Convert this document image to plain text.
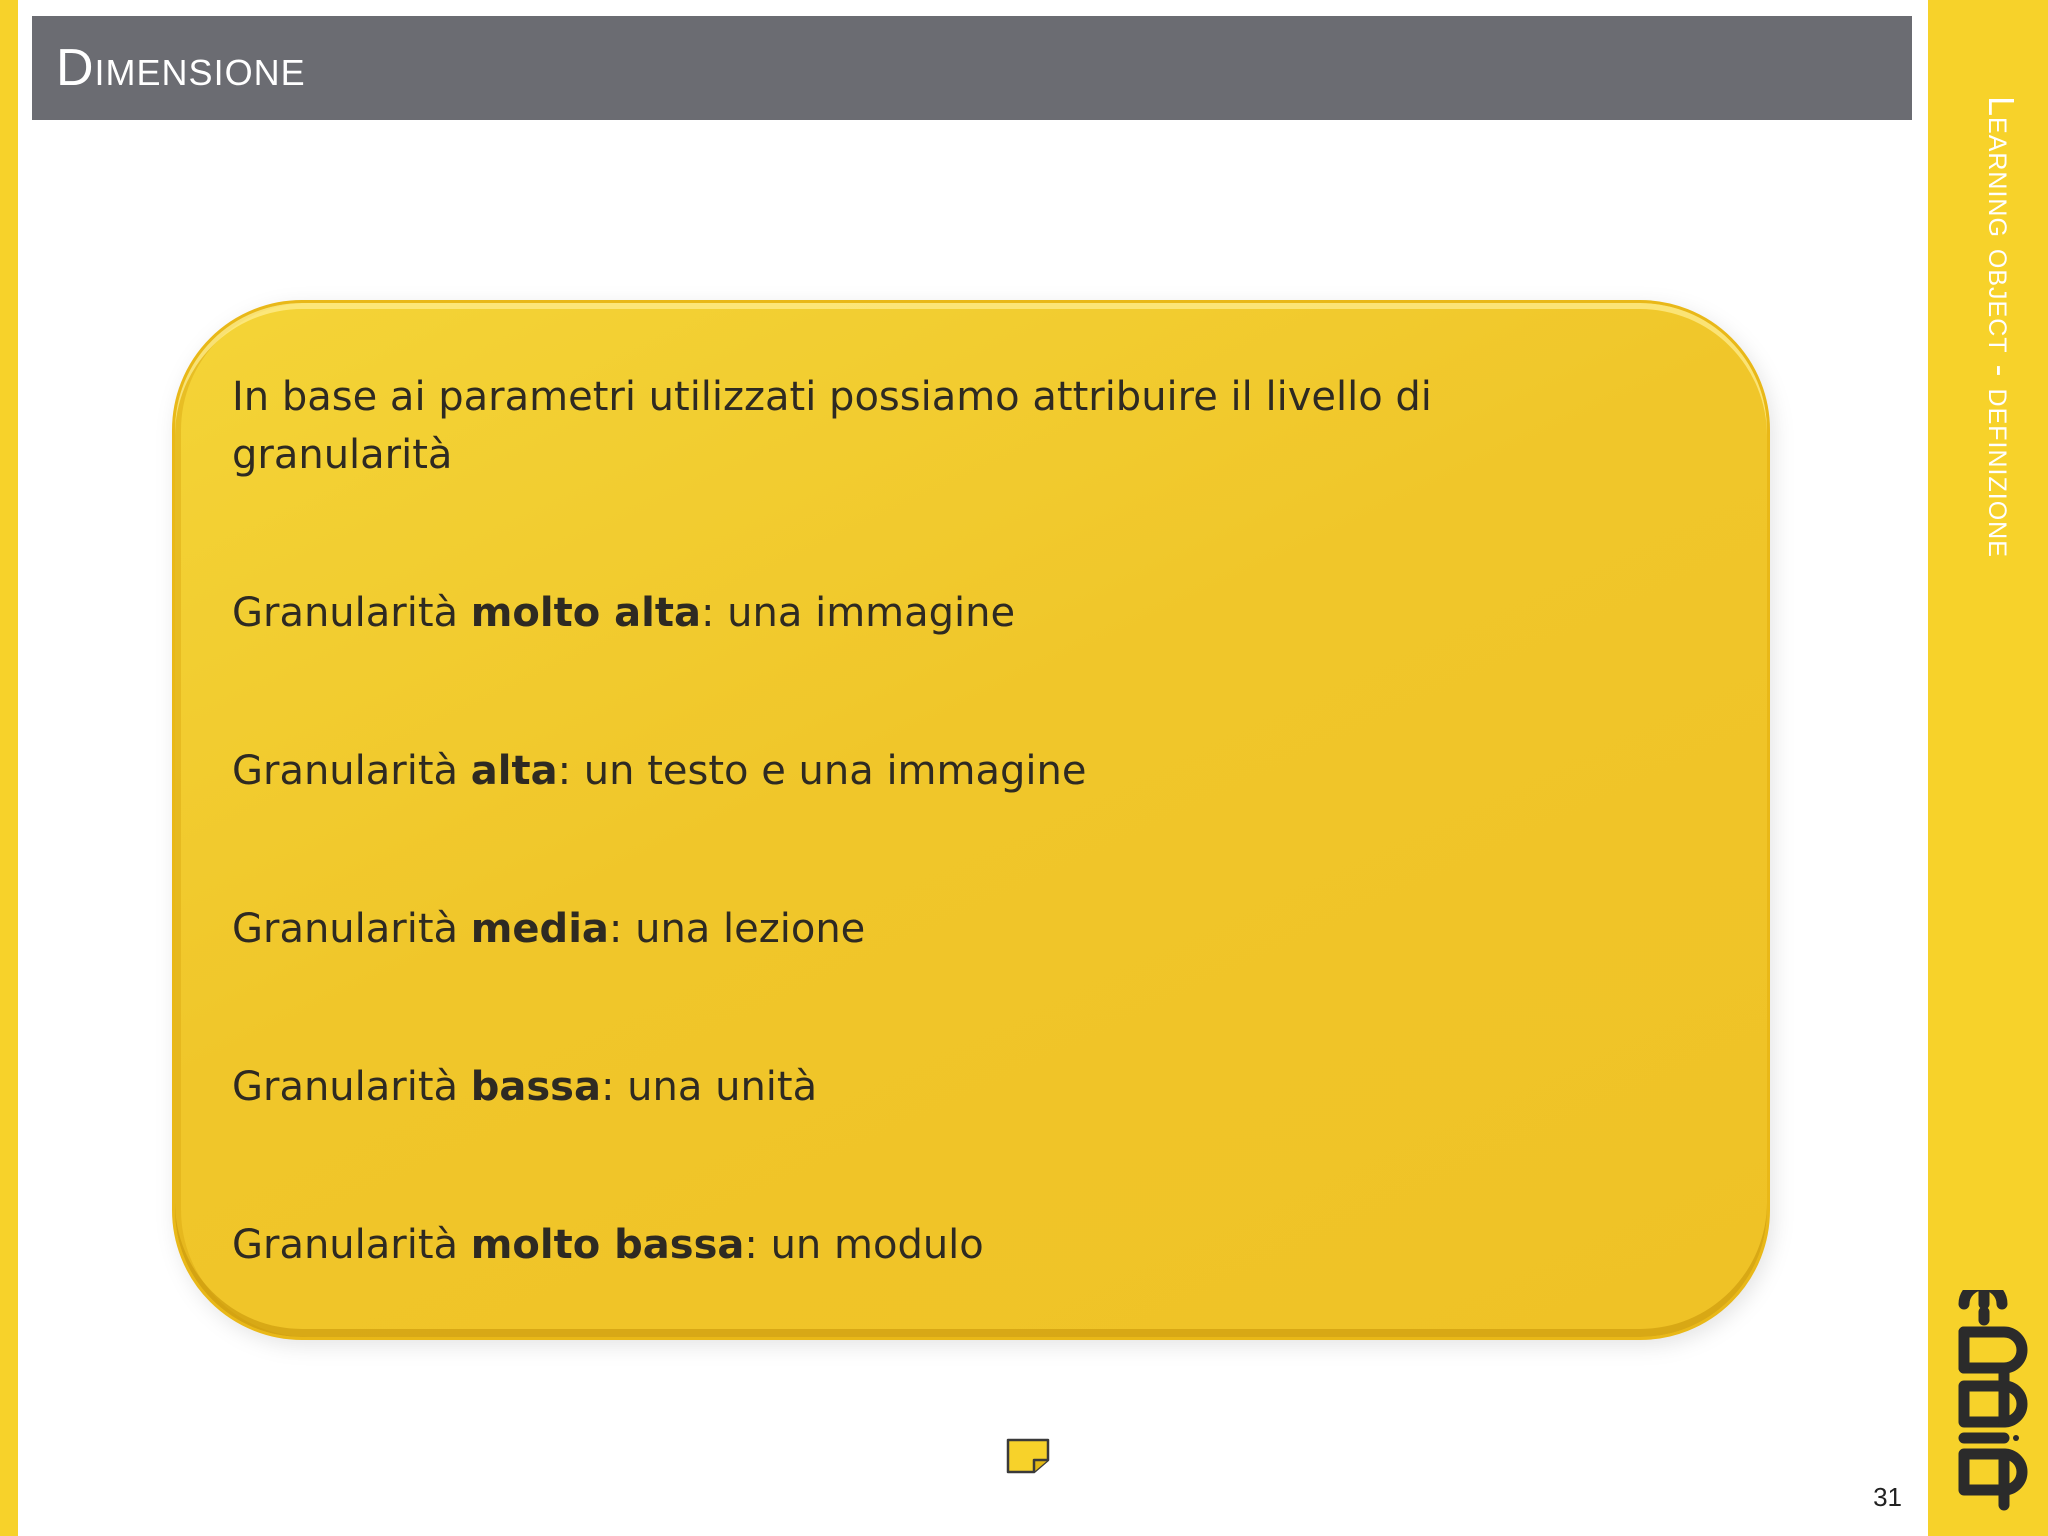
Dimensione
Learning object - definizione
In base ai parametri utilizzati possiamo attribuire il livello di granularità
Granularità molto alta: una immagine
Granularità alta: un testo e una immagine
Granularità media: una lezione
Granularità bassa: una unità
Granularità molto bassa: un modulo
31
